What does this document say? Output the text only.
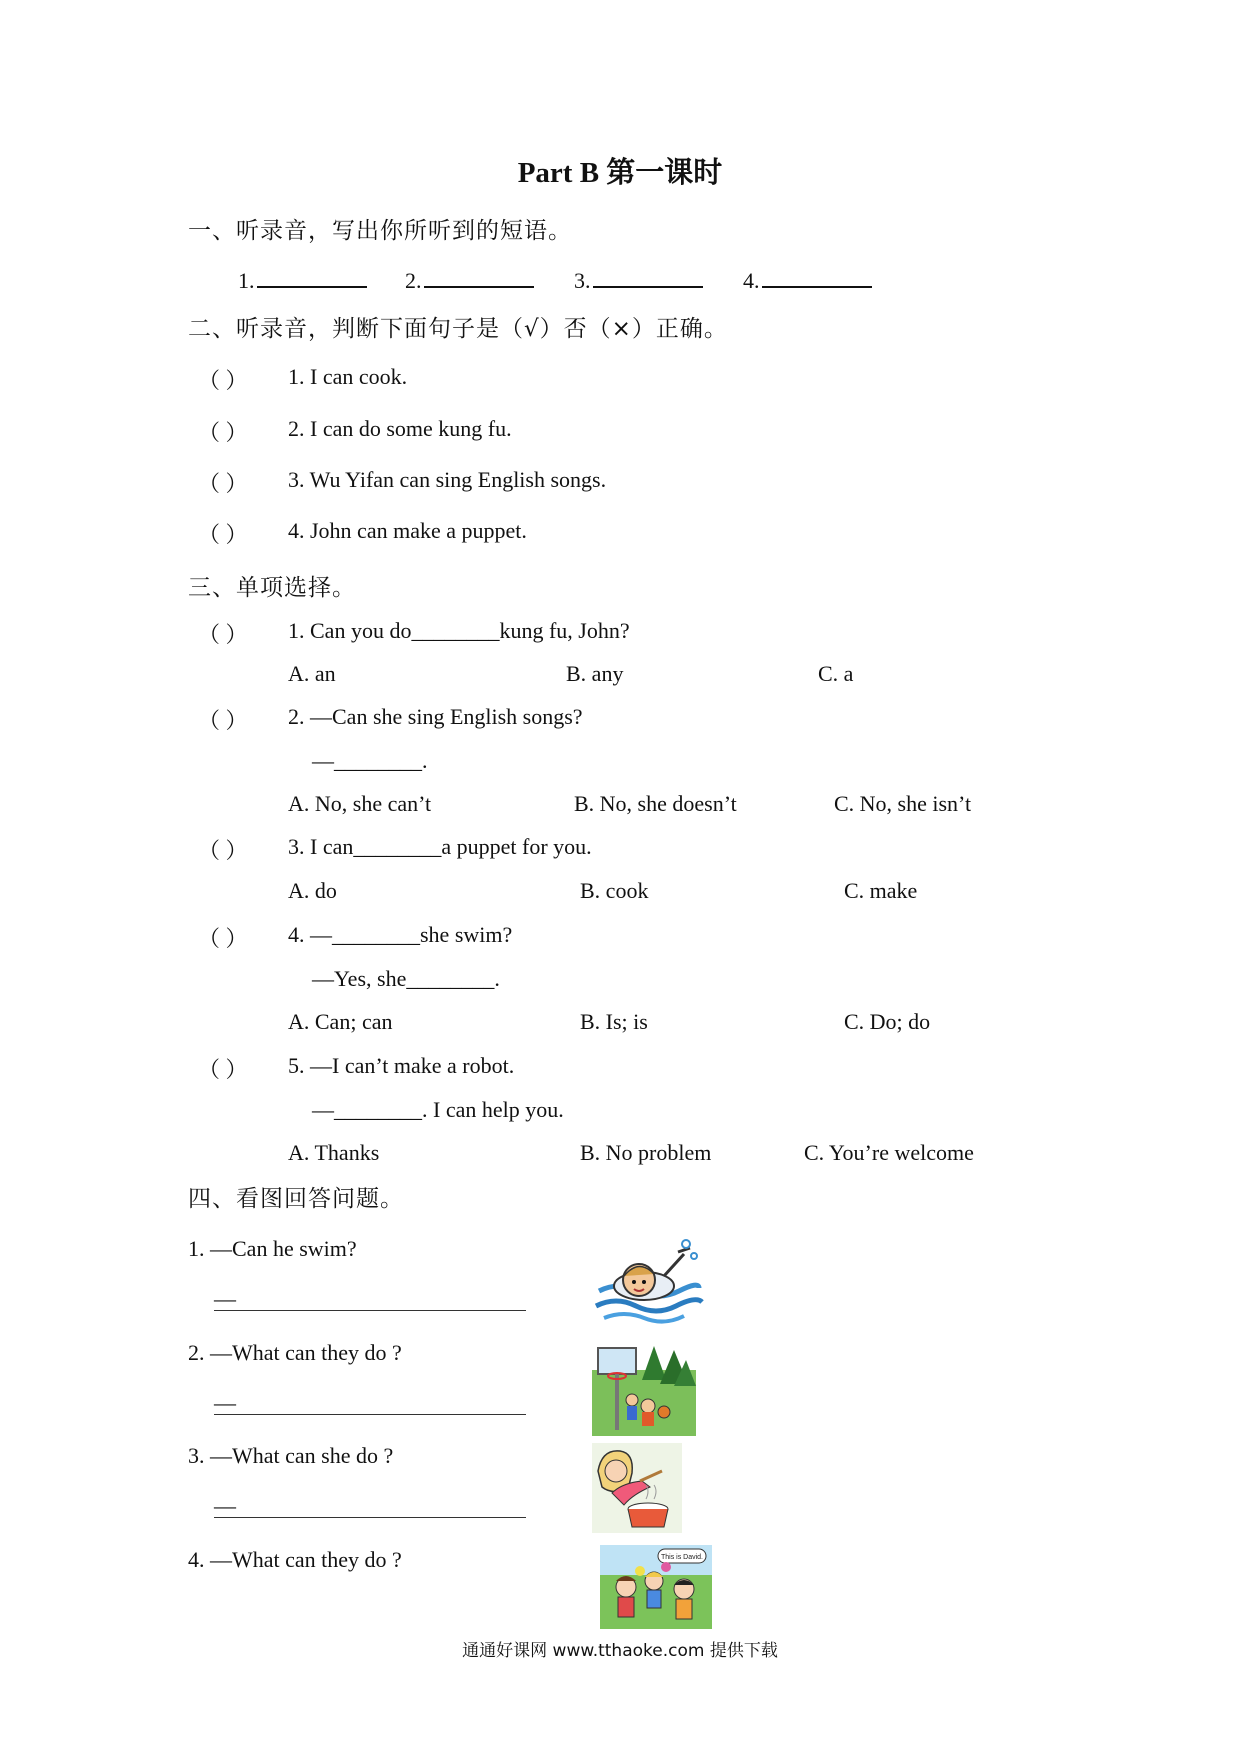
Part B 第一课时
一、听录音，写出你所听到的短语。
1.	2.	3.	4.
二、听录音，判断下面句子是（√）否（×）正确。
（ ） 1. I can cook.
（ ） 2. I can do some kung fu.
（ ） 3. Wu Yifan can sing English songs.
（ ） 4. John can make a puppet.
三、单项选择。
（ ） 1. Can you do________kung fu, John?
A. an	B. any	C. a
（ ） 2. —Can she sing English songs?
—________.
A. No, she can’t	B. No, she doesn’t	C. No, she isn’t
（ ） 3. I can________a puppet for you.
A. do	B. cook	C. make
（ ） 4. —________she swim?
—Yes, she________.
A. Can; can	B. Is; is	C. Do; do
（ ） 5. —I can’t make a robot.
—________. I can help you.
A. Thanks	B. No problem	C. You’re welcome
四、看图回答问题。
1. —Can he swim?
—
2. —What can they do ?
—
3. —What can she do ?
—
4. —What can they do ?	This is David.
通通好课网 www.tthaoke.com 提供下载
